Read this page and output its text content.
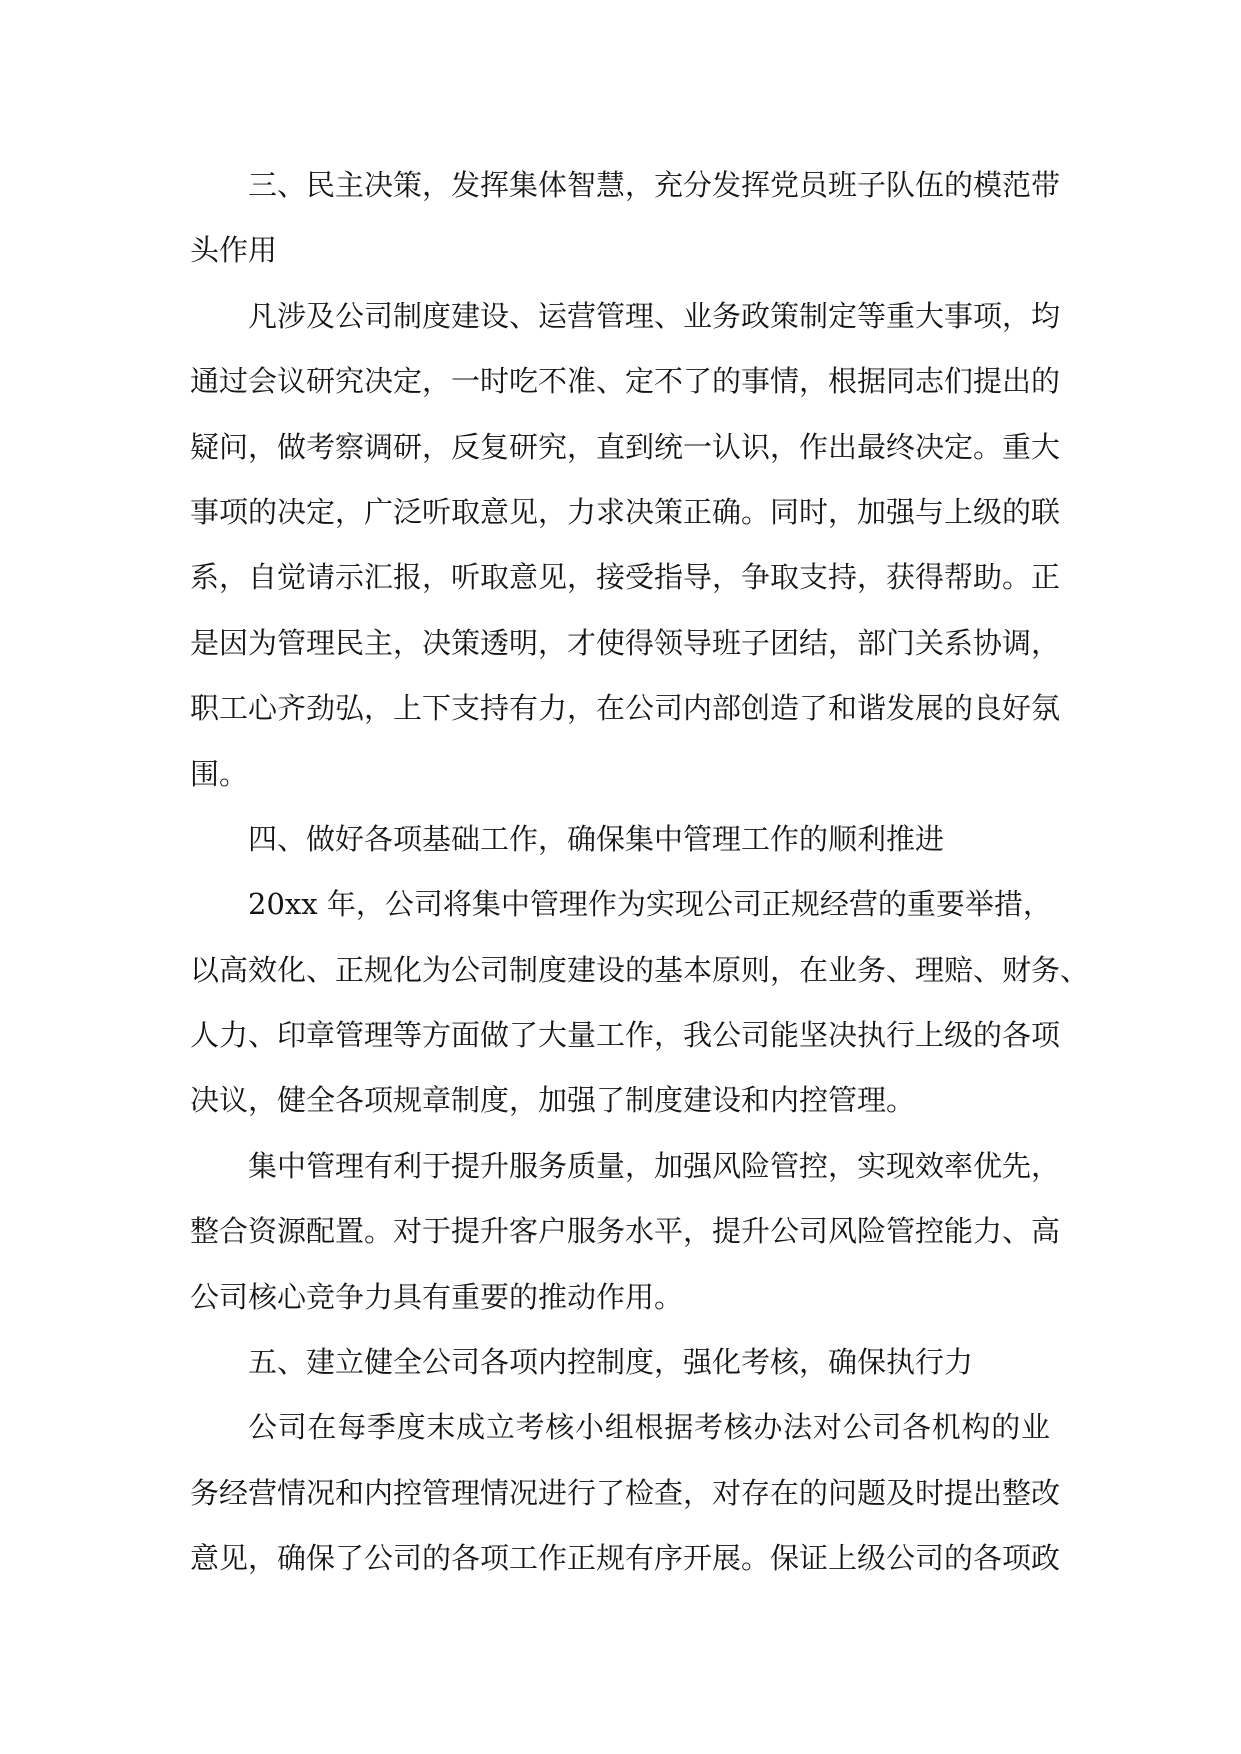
三、民主决策，发挥集体智慧，充分发挥党员班子队伍的模范带
头作用
凡涉及公司制度建设、运营管理、业务政策制定等重大事项，均
通过会议研究决定，一时吃不准、定不了的事情，根据同志们提出的
疑问，做考察调研，反复研究，直到统一认识，作出最终决定。重大
事项的决定，广泛听取意见，力求决策正确。同时，加强与上级的联
系，自觉请示汇报，听取意见，接受指导，争取支持，获得帮助。正
是因为管理民主，决策透明，才使得领导班子团结，部门关系协调，
职工心齐劲弘，上下支持有力，在公司内部创造了和谐发展的良好氛
围。
四、做好各项基础工作，确保集中管理工作的顺利推进
20xx 年，公司将集中管理作为实现公司正规经营的重要举措，
以高效化、正规化为公司制度建设的基本原则，在业务、理赔、财务、
人力、印章管理等方面做了大量工作，我公司能坚决执行上级的各项
决议，健全各项规章制度，加强了制度建设和内控管理。
集中管理有利于提升服务质量，加强风险管控，实现效率优先，
整合资源配置。对于提升客户服务水平，提升公司风险管控能力、高
公司核心竞争力具有重要的推动作用。
五、建立健全公司各项内控制度，强化考核，确保执行力
公司在每季度末成立考核小组根据考核办法对公司各机构的业
务经营情况和内控管理情况进行了检查，对存在的问题及时提出整改
意见，确保了公司的各项工作正规有序开展。保证上级公司的各项政
